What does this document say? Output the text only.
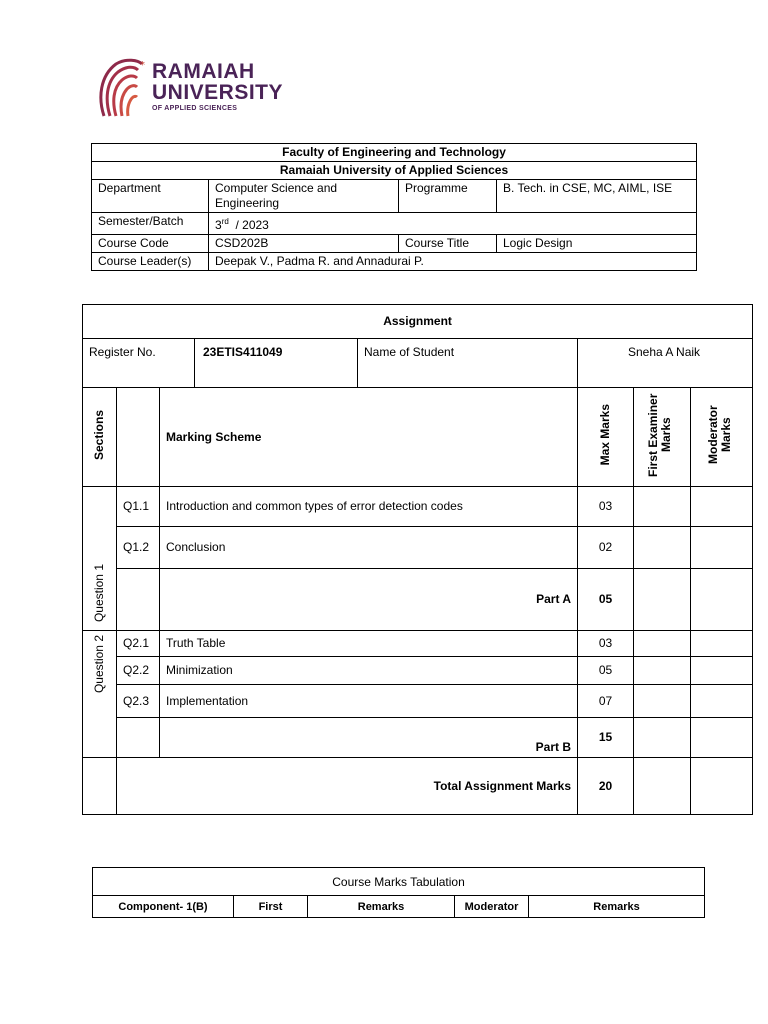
* RAMAIAH
UNIVERSITY
OF APPLIED SCIENCES
Faculty of Engineering and Technology			
Ramaiah University of Applied Sciences			
Department	Computer Science and Engineering	Programme	B. Tech. in CSE, MC, AIML, ISE
Semester/Batch	3rd / 2023		
Course Code	CSD202B	Course Title	Logic Design
Course Leader(s)	Deepak V., Padma R. and Annadurai P.		
Assignment							
Register No.			23ETIS411049	Name of Student	Sneha A Naik		
Sections		Marking Scheme			Max Marks	First Examiner Marks	Moderator Marks
Question 1	Q1.1	Introduction and common types of error detection codes			03		
	Q1.2	Conclusion			02		
		Part A			05		
Question 2	Q2.1	Truth Table			03		
	Q2.2	Minimization			05		
	Q2.3	Implementation			07		
		Part B			15		
	Total Assignment Marks				20		
Course Marks Tabulation
Component- 1(B)	First	Remarks	Moderator	Remarks
